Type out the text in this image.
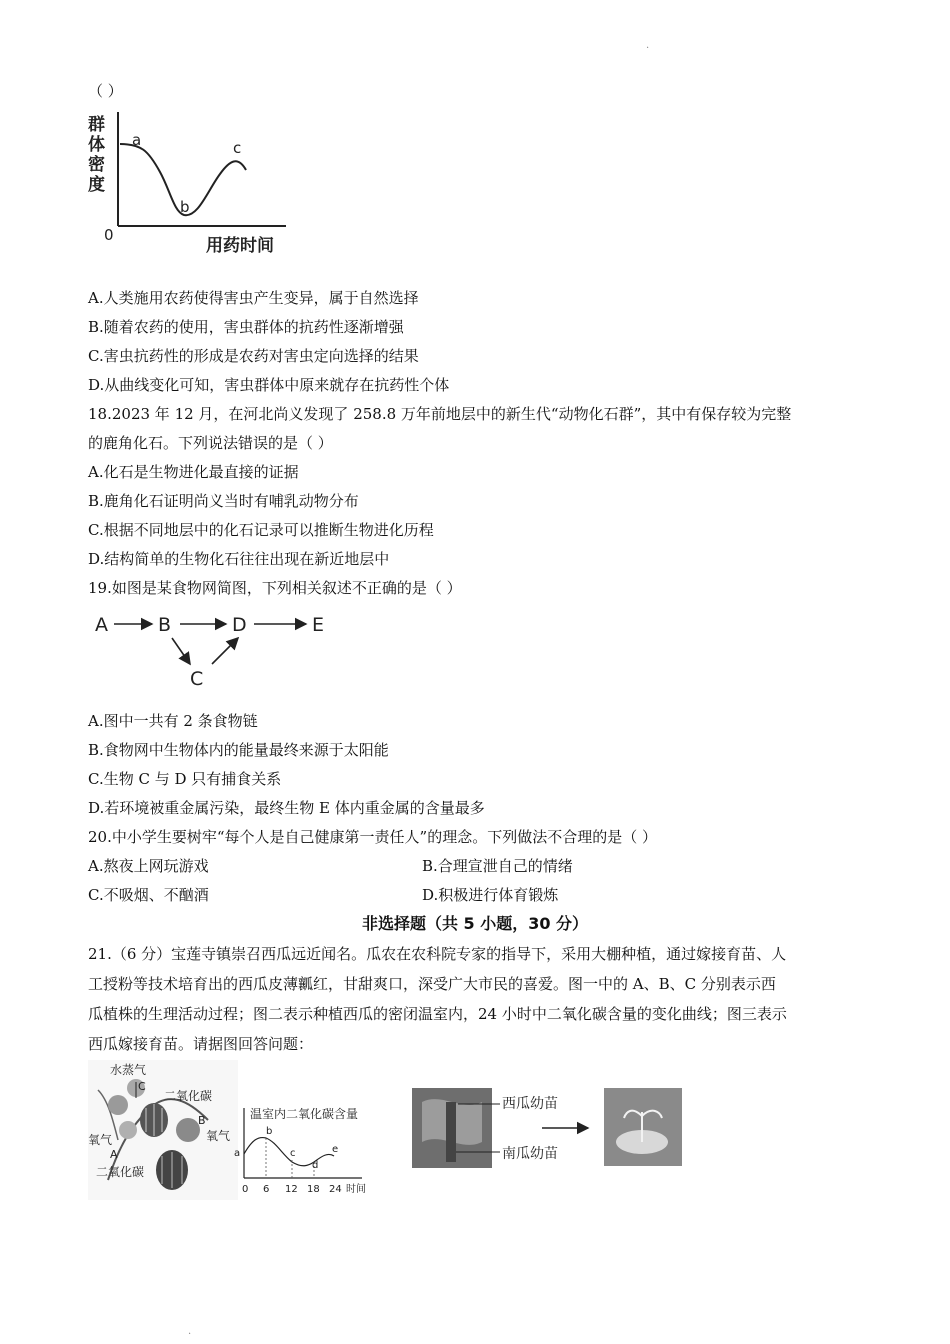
.
（ ）
群
体
密
度
0
用药时间
a
b
c
A.人类施用农药使得害虫产生变异，属于自然选择
B.随着农药的使用，害虫群体的抗药性逐渐增强
C.害虫抗药性的形成是农药对害虫定向选择的结果
D.从曲线变化可知，害虫群体中原来就存在抗药性个体
18.2023 年 12 月，在河北尚义发现了 258.8 万年前地层中的新生代“动物化石群”，其中有保存较为完整
的鹿角化石。下列说法错误的是（ ）
A.化石是生物进化最直接的证据
B.鹿角化石证明尚义当时有哺乳动物分布
C.根据不同地层中的化石记录可以推断生物进化历程
D.结构简单的生物化石往往出现在新近地层中
19.如图是某食物网简图，下列相关叙述不正确的是（ ）
A	B	D	E
C
A.图中一共有 2 条食物链
B.食物网中生物体内的能量最终来源于太阳能
C.生物 C 与 D 只有捕食关系
D.若环境被重金属污染，最终生物 E 体内重金属的含量最多
20.中小学生要树牢“每个人是自己健康第一责任人”的理念。下列做法不合理的是（ ）
A.熬夜上网玩游戏	B.合理宣泄自己的情绪
C.不吸烟、不酗酒	D.积极进行体育锻炼
非选择题（共 5 小题，30 分）
21.（6 分）宝莲寺镇崇召西瓜远近闻名。瓜农在农科院专家的指导下，采用大棚种植，通过嫁接育苗、人
工授粉等技术培育出的西瓜皮薄瓤红，甘甜爽口，深受广大市民的喜爱。图一中的 A、B、C 分别表示西
瓜植株的生理活动过程；图二表示种植西瓜的密闭温室内，24 小时中二氧化碳含量的变化曲线；图三表示
西瓜嫁接育苗。请据图回答问题：
水蒸气
C
二氧化碳
B
氧气
氧气
A
二氧化碳
温室内二氧化碳含量
a
b
c
d
e
0 6 12 18 24 时间
西瓜幼苗
南瓜幼苗
.
